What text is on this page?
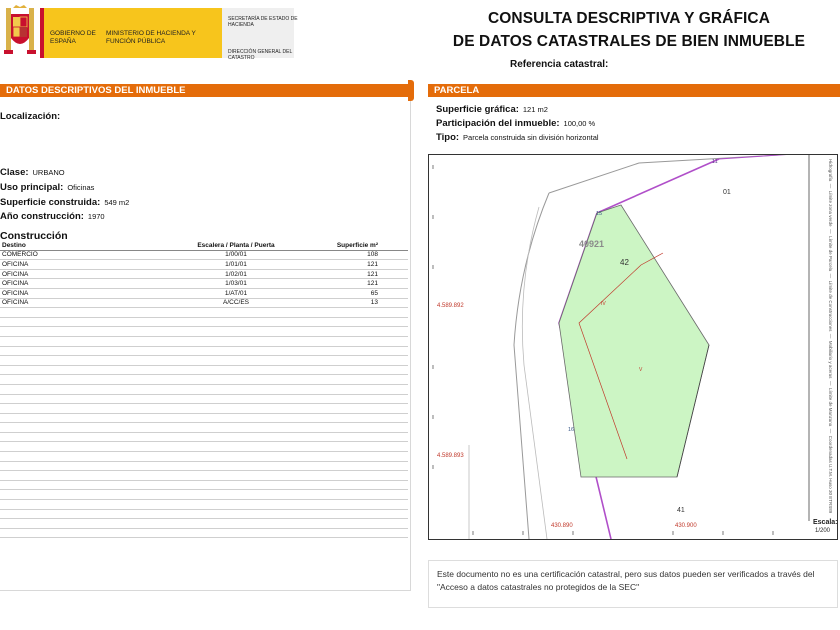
GOBIERNO DE ESPAÑA
MINISTERIO DE HACIENDA Y FUNCIÓN PÚBLICA
SECRETARÍA DE ESTADO DE HACIENDA
DIRECCIÓN GENERAL DEL CATASTRO
CONSULTA DESCRIPTIVA Y GRÁFICA
DE DATOS CATASTRALES DE BIEN INMUEBLE
Referencia catastral:
DATOS DESCRIPTIVOS DEL INMUEBLE
Localización:
Clase: URBANO
Uso principal: Oficinas
Superficie construida: 549 m2
Año construcción: 1970
Construcción
Destino	Escalera / Planta / Puerta	Superficie m²
COMERCIO	1/00/01	108
OFICINA	1/01/01	121
OFICINA	1/02/01	121
OFICINA	1/03/01	121
OFICINA	1/AT/01	65
OFICINA	A/CC/ES	13

PARCELA
Superficie gráfica: 121 m2
Participación del inmueble: 100,00 %
Tipo: Parcela construida sin división horizontal
40921
42
01
41
11
15
16
IV
V
4.589.892
4.589.893
430.890	430.900
Hidrografía  —  Límite zona verde  —  Límite de Parcela  —  Límite de Construcciones  —  Mobiliario y aceras  —  Límite de Manzana  —  Coordenadas U.T.M. Huso 30 ETRS89
Escala:
1/200
Este documento no es una certificación catastral, pero sus datos pueden ser verificados a través del "Acceso a datos catastrales no protegidos de la SEC"
